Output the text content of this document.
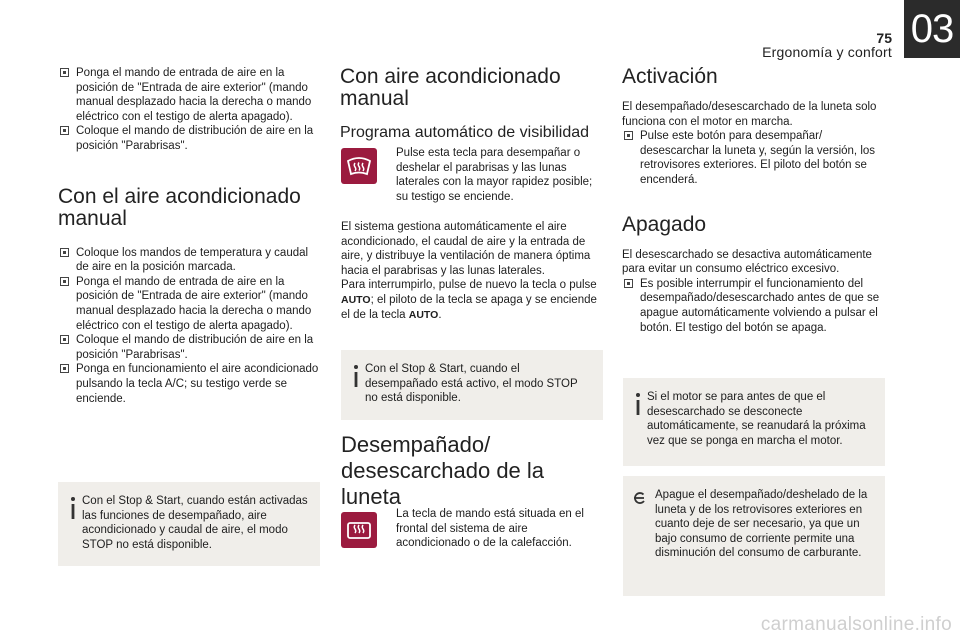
75
Ergonomía y confort
03

Ponga el mando de entrada de aire en la posición de "Entrada de aire exterior" (mando manual desplazado hacia la derecha o mando eléctrico con el testigo de alerta apagado).

Coloque el mando de distribución de aire en la posición "Parabrisas".

Con el aire acondicionado manual

Coloque los mandos de temperatura y caudal de aire en la posición marcada.

Ponga el mando de entrada de aire en la posición de "Entrada de aire exterior" (mando manual desplazado hacia la derecha o mando eléctrico con el testigo de alerta apagado).

Coloque el mando de distribución de aire en la posición "Parabrisas".

Ponga en funcionamiento el aire acondicionado pulsando la tecla A/C; su testigo verde se enciende.

Con el Stop & Start, cuando están activadas las funciones de desempañado, aire acondicionado y caudal de aire, el modo STOP no está disponible.
Con aire acondicionado manual
Programa automático de visibilidad
Pulse esta tecla para desempañar o deshelar el parabrisas y las lunas laterales con la mayor rapidez posible; su testigo se enciende.

El sistema gestiona automáticamente el aire acondicionado, el caudal de aire y la entrada de aire, y distribuye la ventilación de manera óptima hacia el parabrisas y las lunas laterales.

Para interrumpirlo, pulse de nuevo la tecla o pulse AUTO; el piloto de la tecla se apaga y se enciende el de la tecla AUTO.

Con el Stop & Start, cuando el desempañado está activo, el modo STOP no está disponible.
Desempañado/ desescarchado de la luneta
La tecla de mando está situada en el frontal del sistema de aire acondicionado o de la calefacción.
Activación

El desempañado/desescarchado de la luneta solo funciona con el motor en marcha.

Pulse este botón para desempañar/ desescarchar la luneta y, según la versión, los retrovisores exteriores. El piloto del botón se encenderá.

Apagado

El desescarchado se desactiva automáticamente para evitar un consumo eléctrico excesivo.

Es posible interrumpir el funcionamiento del desempañado/desescarchado antes de que se apague automáticamente volviendo a pulsar el botón. El testigo del botón se apaga.

Si el motor se para antes de que el desescarchado se desconecte automáticamente, se reanudará la próxima vez que se ponga en marcha el motor.
Apague el desempañado/deshelado de la luneta y de los retrovisores exteriores en cuanto deje de ser necesario, ya que un bajo consumo de corriente permite una disminución del consumo de carburante.
carmanualsonline.info
